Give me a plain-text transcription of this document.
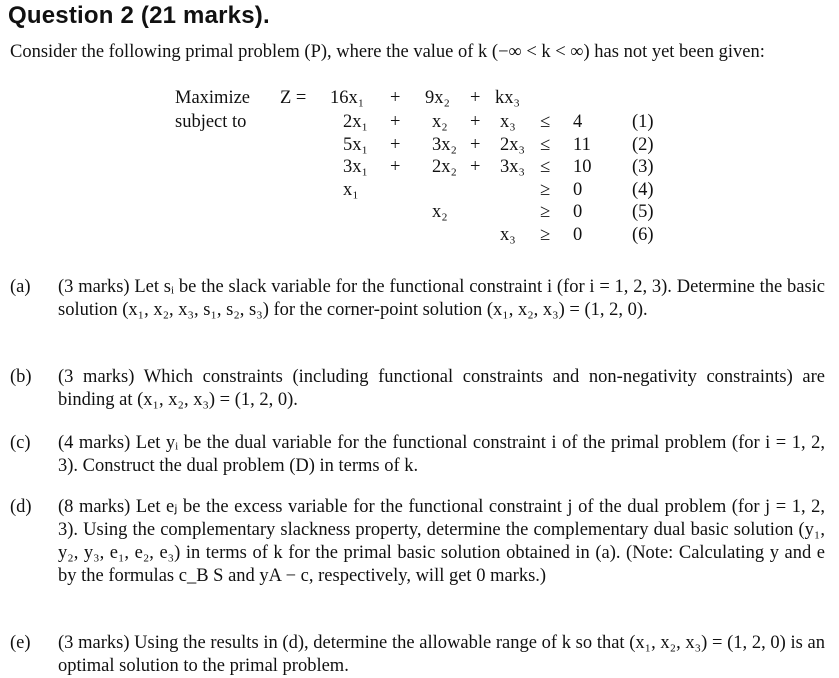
Question 2 (21 marks).
Consider the following primal problem (P), where the value of k (−∞ < k < ∞) has not yet been given:
Maximize
subject to
Z = 16x₁ + 9x₂ + kx₃
2x₁ + x₂ + x₃ ≤ 4	(1)
5x₁ + 3x₂ + 2x₃ ≤ 11 (2)
3x₁ + 2x₂ + 3x₃ ≤ 10 (3)
x₁	≥ 0	(4)
x₂	≥ 0	(5)
x₃ ≥ 0	(6)
(a) (3 marks) Let sᵢ be the slack variable for the functional constraint i (for i = 1, 2, 3). Determine the basic solution (x₁, x₂, x₃, s₁, s₂, s₃) for the corner-point solution (x₁, x₂, x₃) = (1, 2, 0).
(b) (3 marks) Which constraints (including functional constraints and non-negativity constraints) are binding at (x₁, x₂, x₃) = (1, 2, 0).
(c) (4 marks) Let yᵢ be the dual variable for the functional constraint i of the primal problem (for i = 1, 2, 3). Construct the dual problem (D) in terms of k.
(d) (8 marks) Let eⱼ be the excess variable for the functional constraint j of the dual problem (for j = 1, 2, 3). Using the complementary slackness property, determine the complementary dual basic solution (y₁, y₂, y₃, e₁, e₂, e₃) in terms of k for the primal basic solution obtained in (a). (Note: Calculating y and e by the formulas c_B S and yA − c, respectively, will get 0 marks.)
(e) (3 marks) Using the results in (d), determine the allowable range of k so that (x₁, x₂, x₃) = (1, 2, 0) is an optimal solution to the primal problem.
